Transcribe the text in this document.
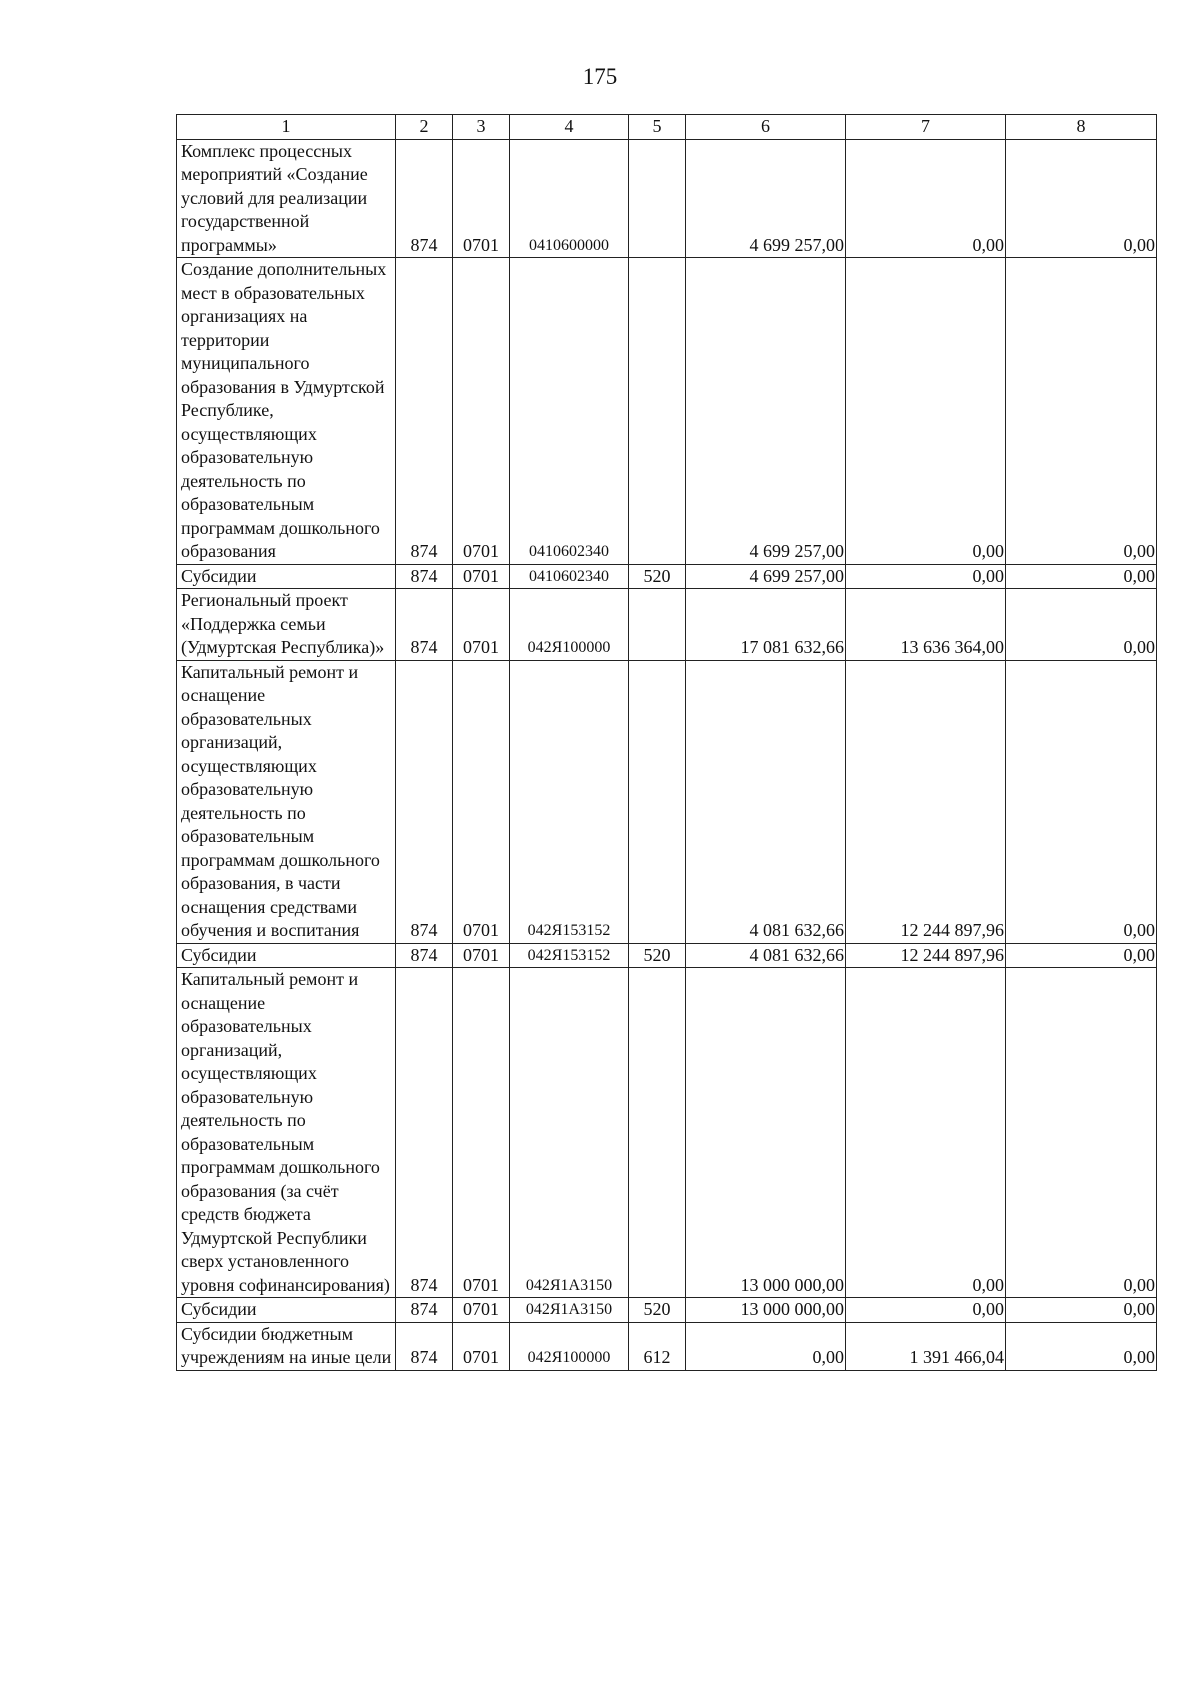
175
1	2	3	4	5	6	7	8
Комплекс процессных мероприятий «Создание условий для реализации государственной программы»	874	0701	0410600000		4 699 257,00	0,00	0,00
Создание дополнительных мест в образовательных организациях на территории муниципального образования в Удмуртской Республике, осуществляющих образовательную деятельность по образовательным программам дошкольного образования	874	0701	0410602340		4 699 257,00	0,00	0,00
Субсидии	874	0701	0410602340	520	4 699 257,00	0,00	0,00
Региональный проект «Поддержка семьи (Удмуртская Республика)»	874	0701	042Я100000		17 081 632,66	13 636 364,00	0,00
Капитальный ремонт и оснащение образовательных организаций, осуществляющих образовательную деятельность по образовательным программам дошкольного образования, в части оснащения средствами обучения и воспитания	874	0701	042Я153152		4 081 632,66	12 244 897,96	0,00
Субсидии	874	0701	042Я153152	520	4 081 632,66	12 244 897,96	0,00
Капитальный ремонт и оснащение образовательных организаций, осуществляющих образовательную деятельность по образовательным программам дошкольного образования (за счёт средств бюджета Удмуртской Республики сверх установленного уровня софинансирования)	874	0701	042Я1А3150		13 000 000,00	0,00	0,00
Субсидии	874	0701	042Я1А3150	520	13 000 000,00	0,00	0,00
Субсидии бюджетным учреждениям на иные цели	874	0701	042Я100000	612	0,00	1 391 466,04	0,00
